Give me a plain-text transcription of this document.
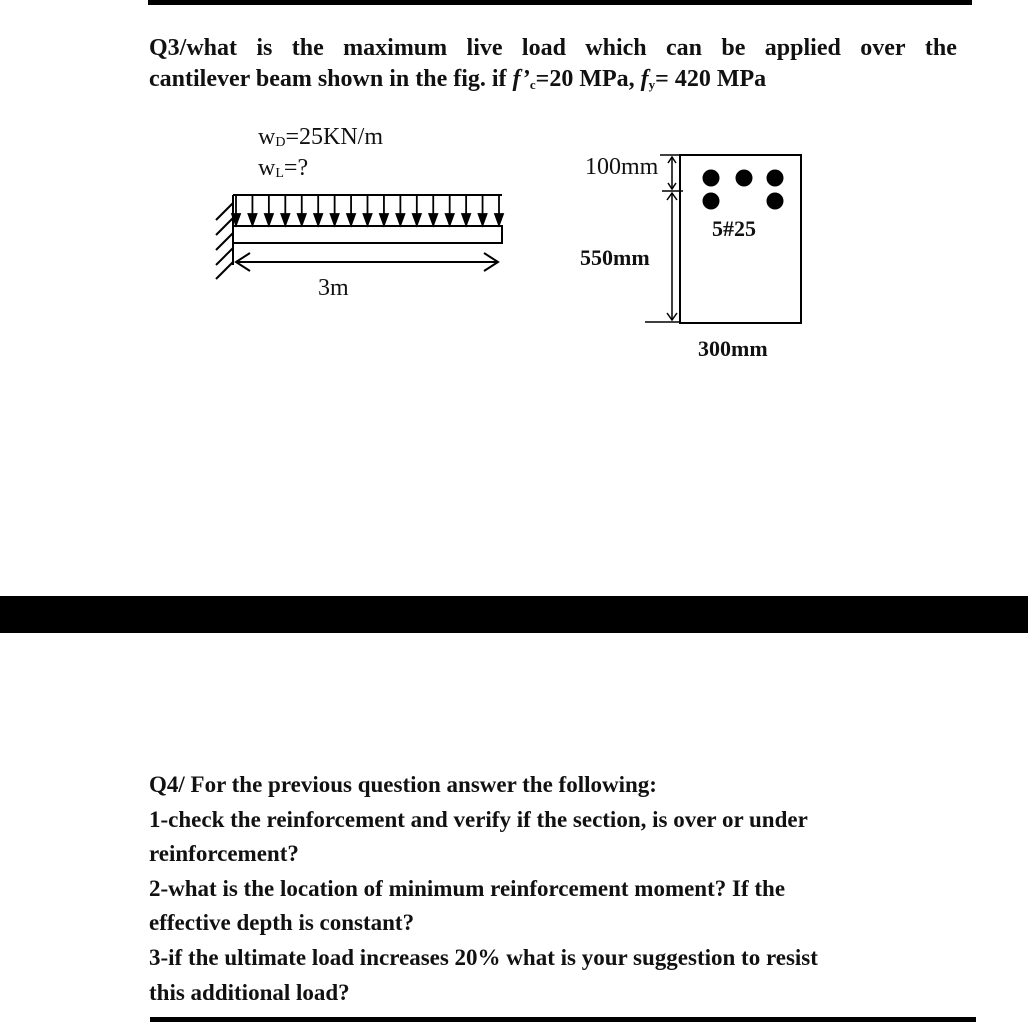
Q3/what is the maximum live load which can be applied over the
cantilever beam shown in the fig. if $f’_c=20$ MPa, $f_y= 420$ MPa
$w_D=25KN/m$
$w_L=$?
3m
100mm
550mm
5#25
300mm
Q4/ For the previous question answer the following:
1-check the reinforcement and verify if the section, is over or under
reinforcement?
2-what is the location of minimum reinforcement moment? If the
effective depth is constant?
3-if the ultimate load increases 20% what is your suggestion to resist
this additional load?
